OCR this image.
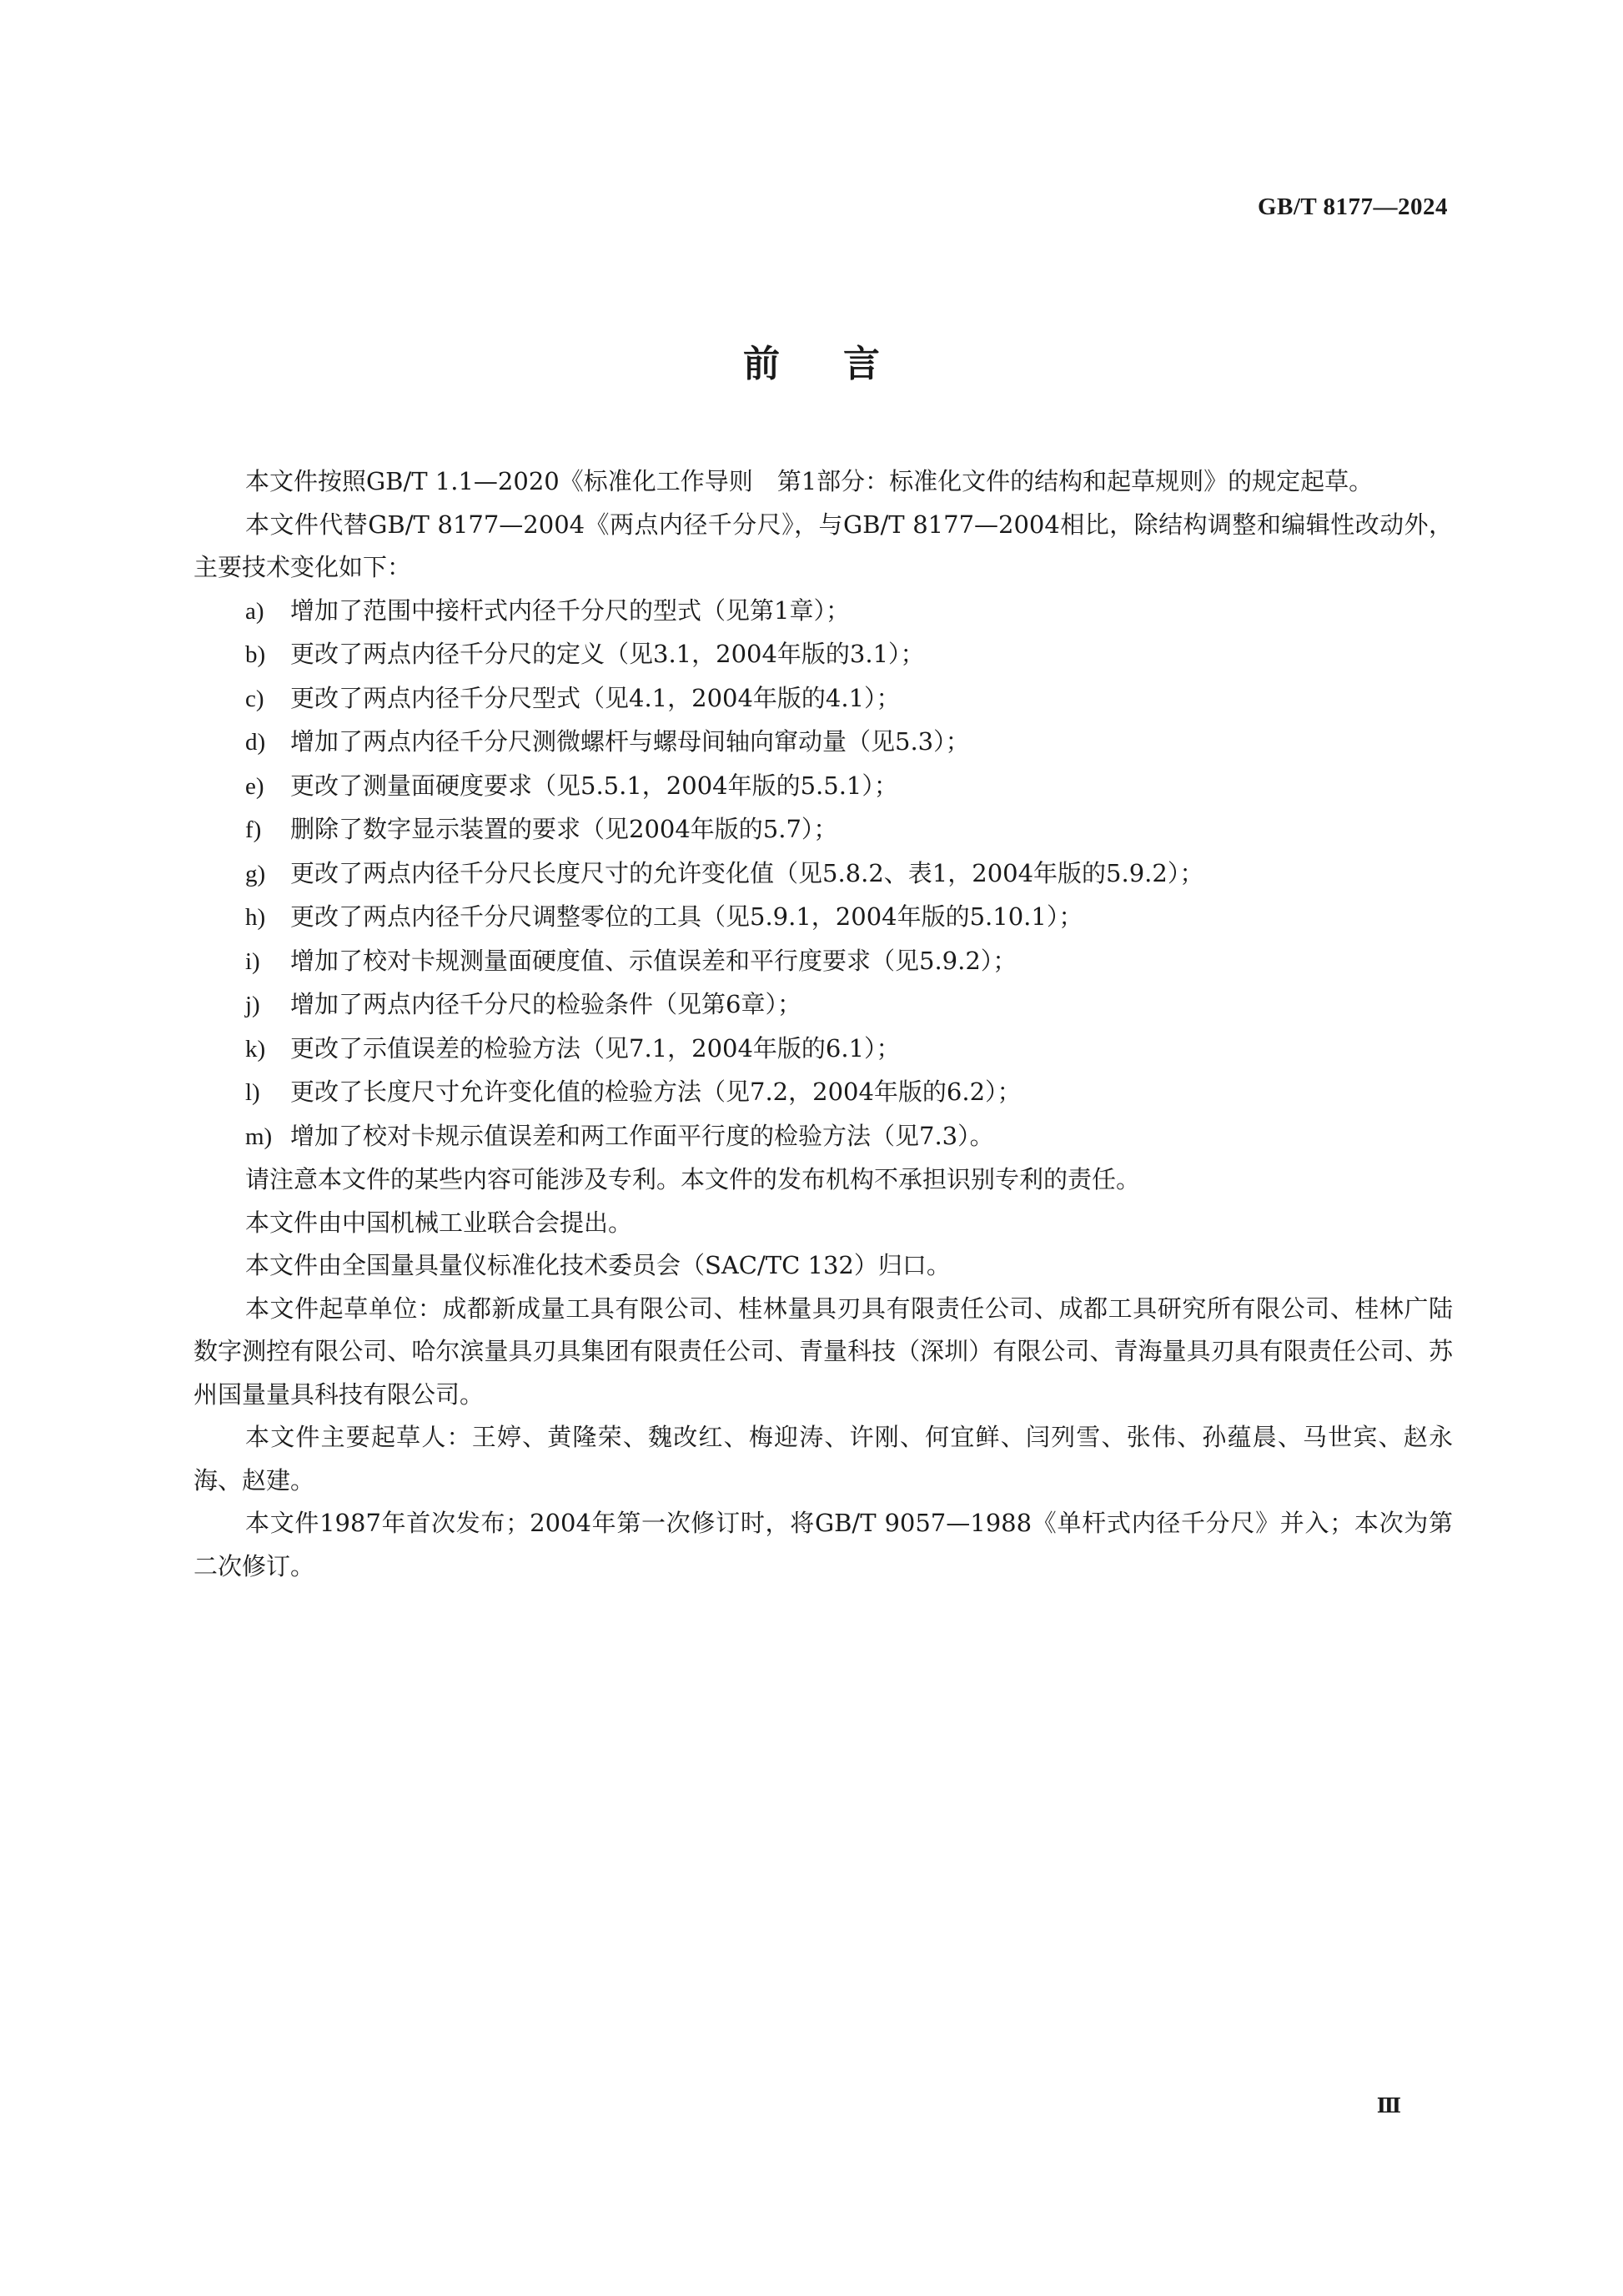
GB/T 8177—2024
前言

本文件按照GB/T 1.1—2020《标准化工作导则　第1部分：标准化文件的结构和起草规则》的规定起草。

本文件代替GB/T 8177—2004《两点内径千分尺》，与GB/T 8177—2004相比，除结构调整和编辑性改动外，主要技术变化如下：

a) 增加了范围中接杆式内径千分尺的型式（见第1章）；
b) 更改了两点内径千分尺的定义（见3.1，2004年版的3.1）；
c) 更改了两点内径千分尺型式（见4.1，2004年版的4.1）；
d) 增加了两点内径千分尺测微螺杆与螺母间轴向窜动量（见5.3）；
e) 更改了测量面硬度要求（见5.5.1，2004年版的5.5.1）；
f) 删除了数字显示装置的要求（见2004年版的5.7）；
g) 更改了两点内径千分尺长度尺寸的允许变化值（见5.8.2、表1，2004年版的5.9.2）；
h) 更改了两点内径千分尺调整零位的工具（见5.9.1，2004年版的5.10.1）；
i) 增加了校对卡规测量面硬度值、示值误差和平行度要求（见5.9.2）；
j) 增加了两点内径千分尺的检验条件（见第6章）；
k) 更改了示值误差的检验方法（见7.1，2004年版的6.1）；
l) 更改了长度尺寸允许变化值的检验方法（见7.2，2004年版的6.2）；
m) 增加了校对卡规示值误差和两工作面平行度的检验方法（见7.3）。

请注意本文件的某些内容可能涉及专利。本文件的发布机构不承担识别专利的责任。

本文件由中国机械工业联合会提出。

本文件由全国量具量仪标准化技术委员会（SAC/TC 132）归口。

本文件起草单位：成都新成量工具有限公司、桂林量具刃具有限责任公司、成都工具研究所有限公司、桂林广陆数字测控有限公司、哈尔滨量具刃具集团有限责任公司、青量科技（深圳）有限公司、青海量具刃具有限责任公司、苏州国量量具科技有限公司。

本文件主要起草人：王婷、黄隆荣、魏改红、梅迎涛、许刚、何宜鲜、闫列雪、张伟、孙蕴晨、马世宾、赵永海、赵建。

本文件1987年首次发布；2004年第一次修订时，将GB/T 9057—1988《单杆式内径千分尺》并入；本次为第二次修订。

Ⅲ
